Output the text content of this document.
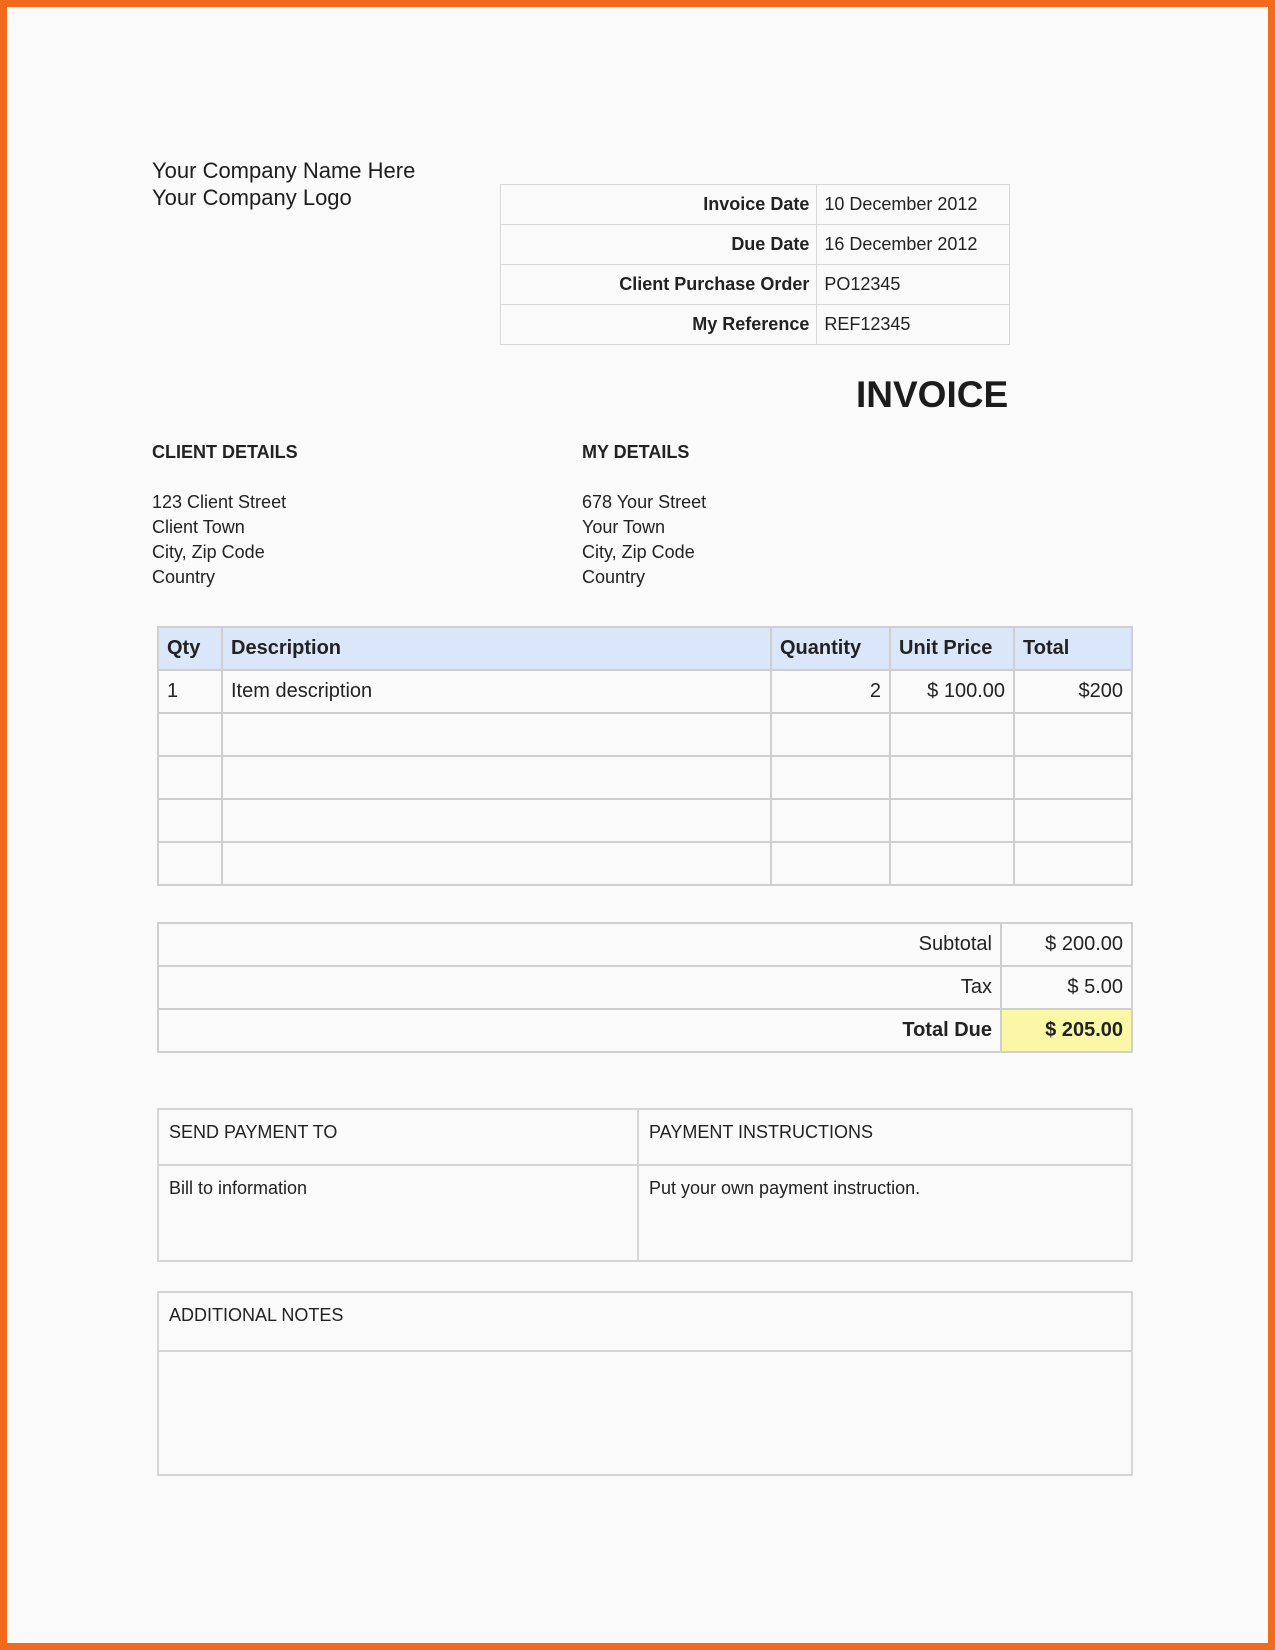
Your Company Name Here
Your Company Logo	Invoice Date	10 December 2012
Due Date	16 December 2012
Client Purchase Order	PO12345
My Reference	REF12345
INVOICE
CLIENT DETAILS

123 Client Street

Client Town

City, Zip Code

Country

MY DETAILS

678 Your Street

Your Town

City, Zip Code

Country

Qty	Description	Quantity	Unit Price	Total
1	Item description	2	$ 100.00	$200

Subtotal	$ 200.00
Tax	$ 5.00
Total Due	$ 205.00
SEND PAYMENT TO	PAYMENT INSTRUCTIONS
Bill to information	Put your own payment instruction.
ADDITIONAL NOTES
